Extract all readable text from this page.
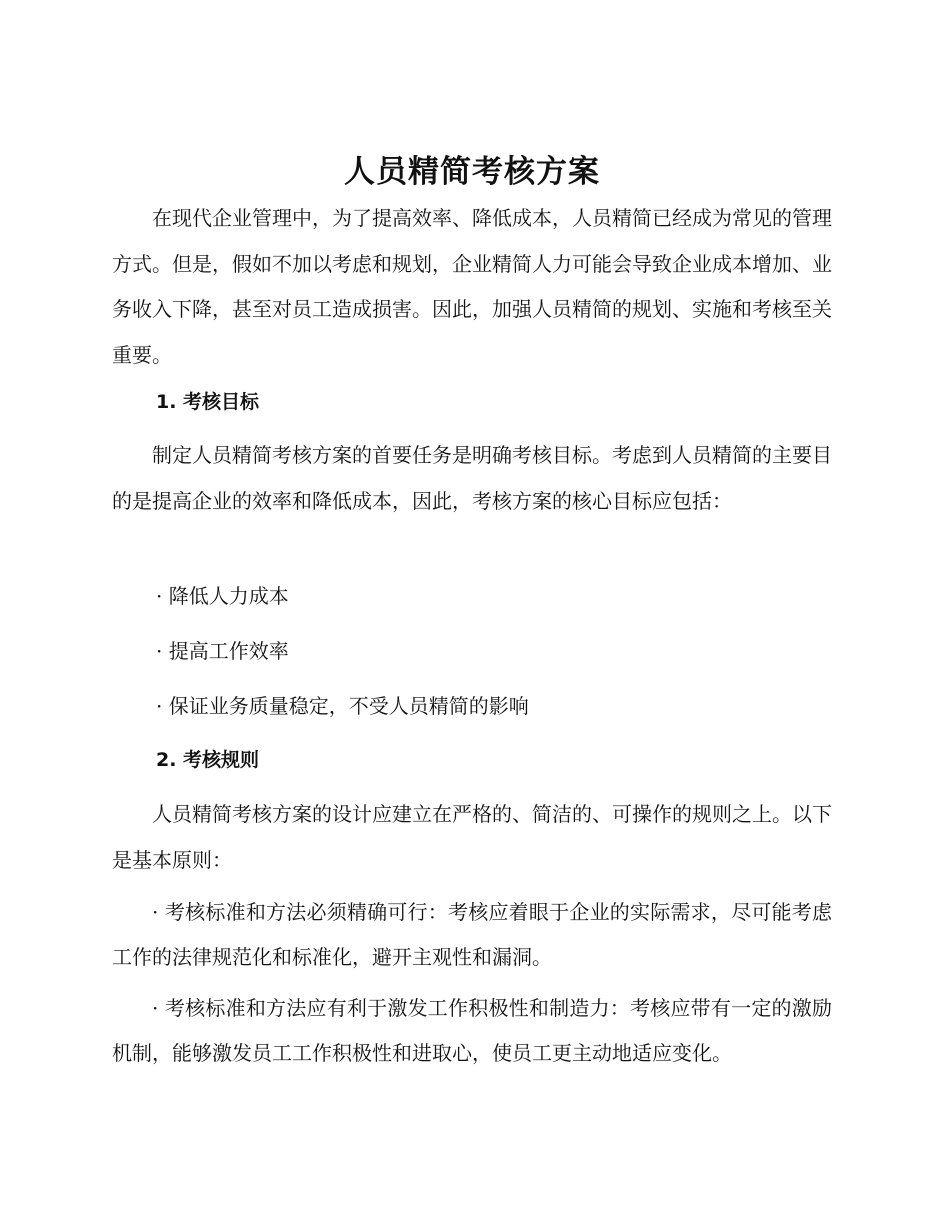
人员精简考核方案

在现代企业管理中，为了提高效率、降低成本，人员精简已经成为常见的管理方式。但是，假如不加以考虑和规划，企业精简人力可能会导致企业成本增加、业务收入下降，甚至对员工造成损害。因此，加强人员精简的规划、实施和考核至关重要。

1. 考核目标

制定人员精简考核方案的首要任务是明确考核目标。考虑到人员精简的主要目的是提高企业的效率和降低成本，因此，考核方案的核心目标应包括：

· 降低人力成本

· 提高工作效率

· 保证业务质量稳定，不受人员精简的影响

2. 考核规则

人员精简考核方案的设计应建立在严格的、简洁的、可操作的规则之上。以下是基本原则：

· 考核标准和方法必须精确可行：考核应着眼于企业的实际需求，尽可能考虑工作的法律规范化和标准化，避开主观性和漏洞。

· 考核标准和方法应有利于激发工作积极性和制造力：考核应带有一定的激励机制，能够激发员工工作积极性和进取心，使员工更主动地适应变化。
